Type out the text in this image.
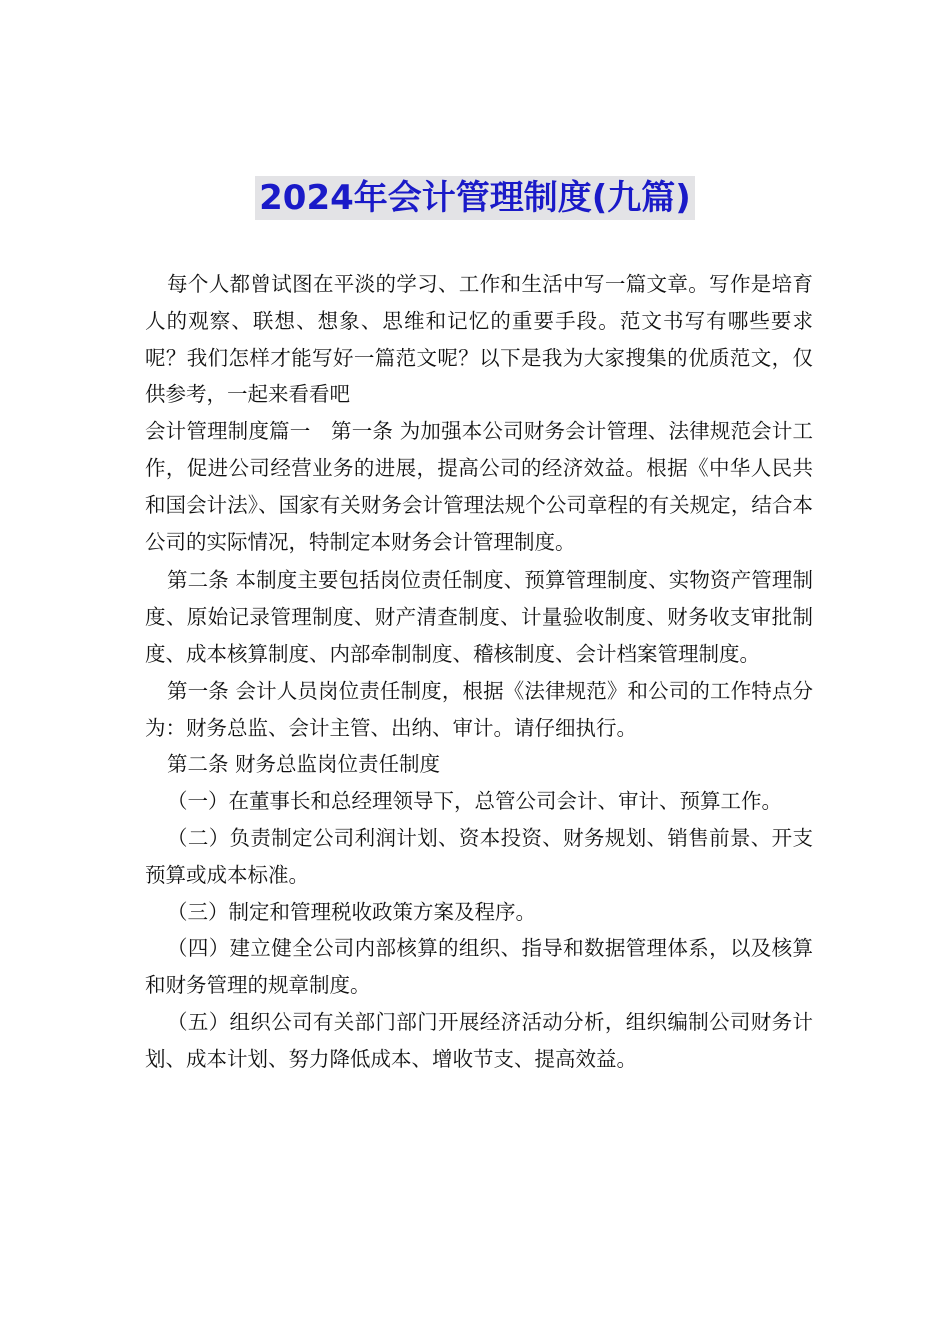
2024年会计管理制度(九篇)

每个人都曾试图在平淡的学习、工作和生活中写一篇文章。写作是培育人的观察、联想、想象、思维和记忆的重要手段。范文书写有哪些要求呢？我们怎样才能写好一篇范文呢？以下是我为大家搜集的优质范文，仅供参考，一起来看看吧

会计管理制度篇一　第一条 为加强本公司财务会计管理、法律规范会计工作，促进公司经营业务的进展，提高公司的经济效益。根据《中华人民共和国会计法》、国家有关财务会计管理法规个公司章程的有关规定，结合本公司的实际情况，特制定本财务会计管理制度。

第二条 本制度主要包括岗位责任制度、预算管理制度、实物资产管理制度、原始记录管理制度、财产清查制度、计量验收制度、财务收支审批制度、成本核算制度、内部牵制制度、稽核制度、会计档案管理制度。

第一条 会计人员岗位责任制度，根据《法律规范》和公司的工作特点分为：财务总监、会计主管、出纳、审计。请仔细执行。

第二条 财务总监岗位责任制度

（一）在董事长和总经理领导下，总管公司会计、审计、预算工作。

（二）负责制定公司利润计划、资本投资、财务规划、销售前景、开支预算或成本标准。

（三）制定和管理税收政策方案及程序。

（四）建立健全公司内部核算的组织、指导和数据管理体系，以及核算和财务管理的规章制度。

（五）组织公司有关部门部门开展经济活动分析，组织编制公司财务计划、成本计划、努力降低成本、增收节支、提高效益。
